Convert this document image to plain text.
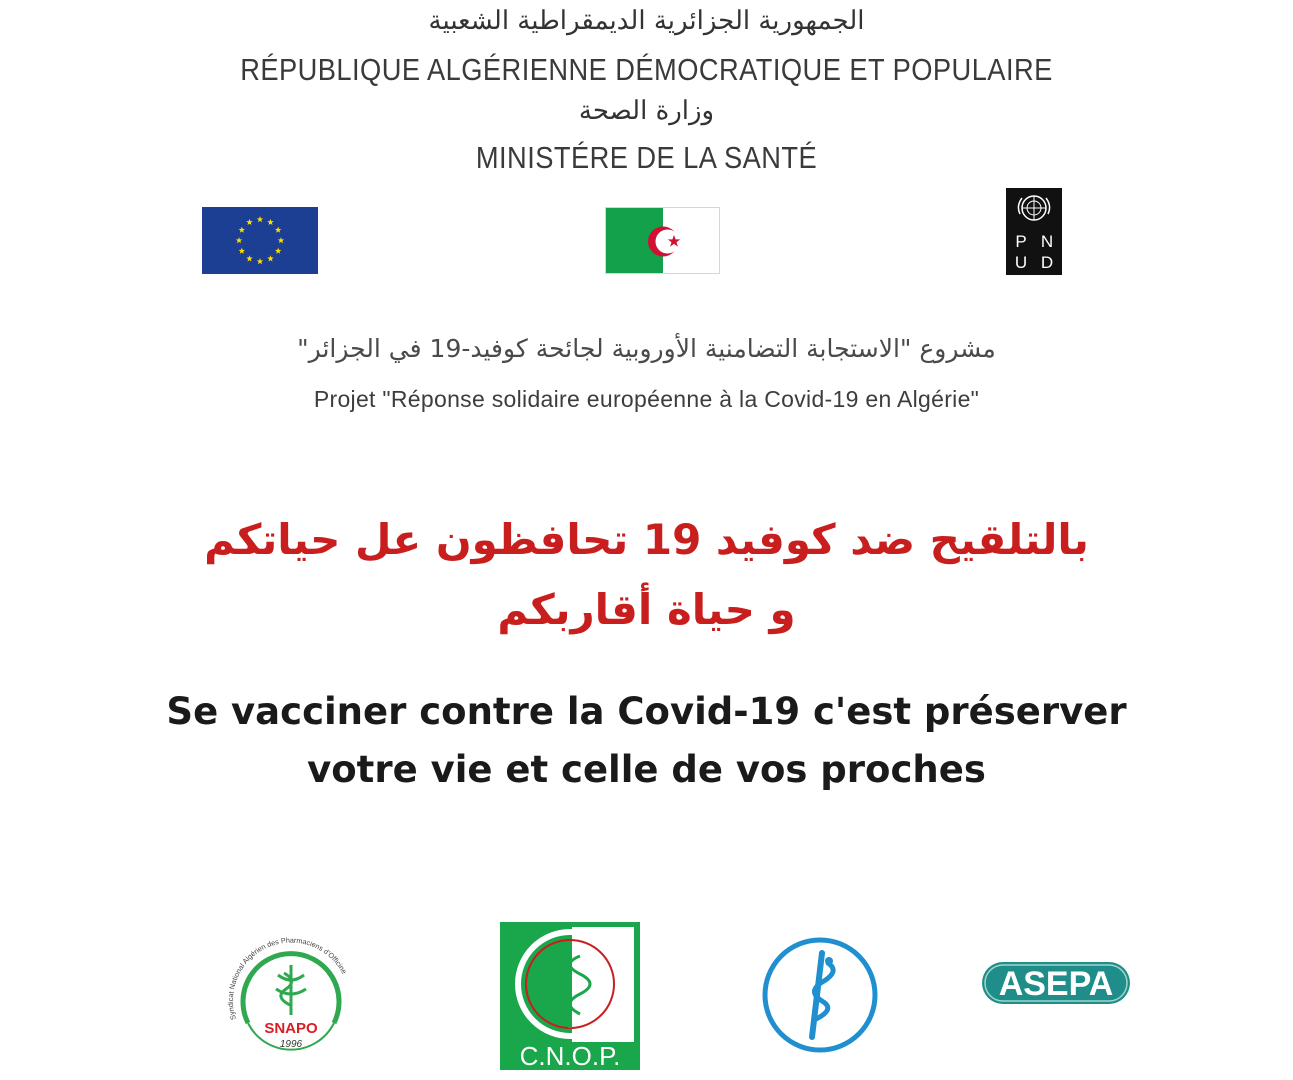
الجمهورية الجزائرية الديمقراطية الشعبية
RÉPUBLIQUE ALGÉRIENNE DÉMOCRATIQUE ET POPULAIRE
وزارة الصحة
MINISTÉRE DE LA SANTÉ
P N
U D
مشروع "الاستجابة التضامنية الأوروبية لجائحة كوفيد-19 في الجزائر"
Projet "Réponse solidaire européenne à la Covid-19 en Algérie"
بالتلقيح ضد كوفيد 19 تحافظون عل حياتكم
و حياة أقاربكم
Se vacciner contre la Covid-19 c'est préserver
votre vie et celle de vos proches
Syndicat National Algérien des Pharmaciens d'Officine
SNAPO
1996	C.N.O.P.
ASEPA
